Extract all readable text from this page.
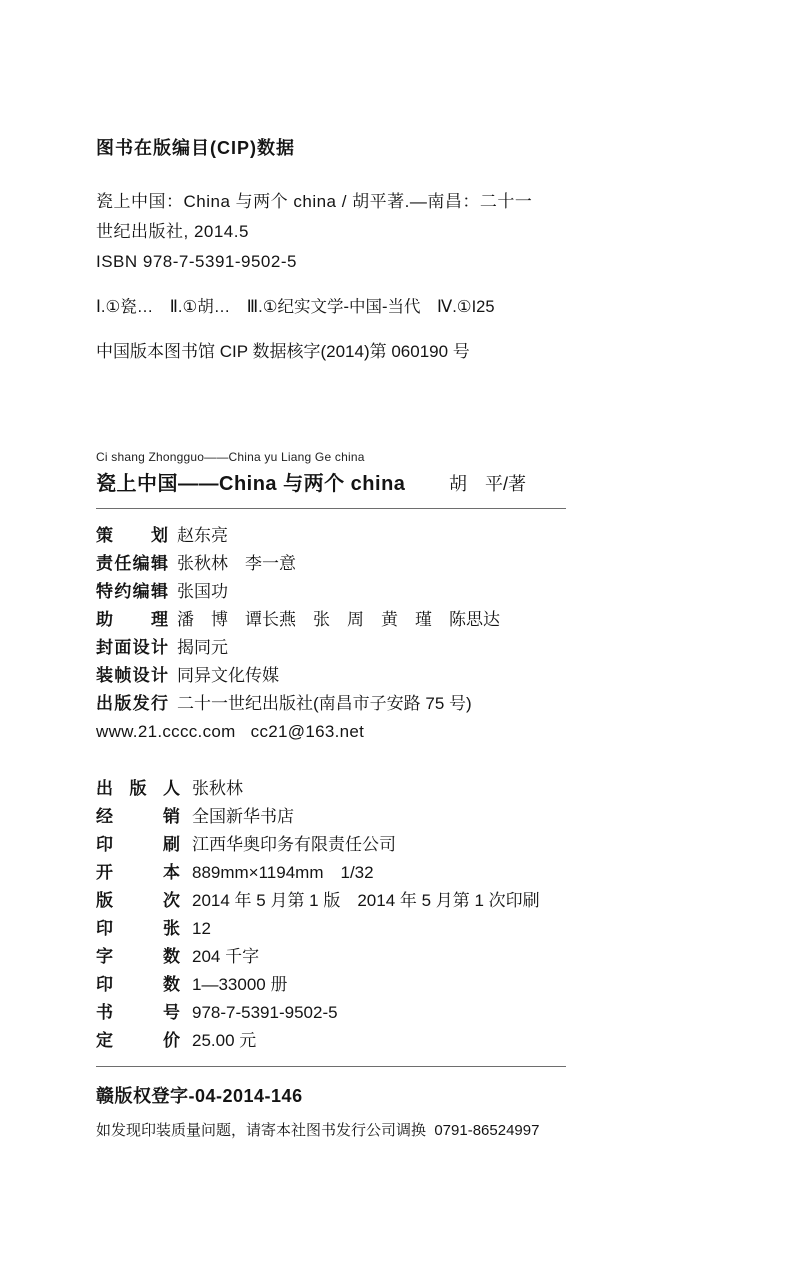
图书在版编目(CIP)数据
瓷上中国：China 与两个 china / 胡平著.—南昌：二十一
世纪出版社, 2014.5
ISBN 978-7-5391-9502-5
Ⅰ.①瓷…　Ⅱ.①胡…　Ⅲ.①纪实文学-中国-当代　Ⅳ.①I25
中国版本图书馆 CIP 数据核字(2014)第 060190 号
Ci shang Zhongguo——China yu Liang Ge china
瓷上中国——China 与两个 china 胡　平/著
策划 赵东亮
责任编辑 张秋林　李一意
特约编辑 张国功
助理 潘　博　谭长燕　张　周　黄　瑾　陈思达
封面设计 揭同元
装帧设计 同异文化传媒
出版发行 二十一世纪出版社(南昌市子安路 75 号)
www.21.cccc.com   cc21@163.net
出版人 张秋林
经销 全国新华书店
印刷 江西华奥印务有限责任公司
开本 889mm×1194mm　1/32
版次 2014 年 5 月第 1 版　2014 年 5 月第 1 次印刷
印张 12
字数 204 千字
印数 1—33000 册
书号 978-7-5391-9502-5
定价 25.00 元
赣版权登字-04-2014-146
如发现印装质量问题，请寄本社图书发行公司调换  0791-86524997
